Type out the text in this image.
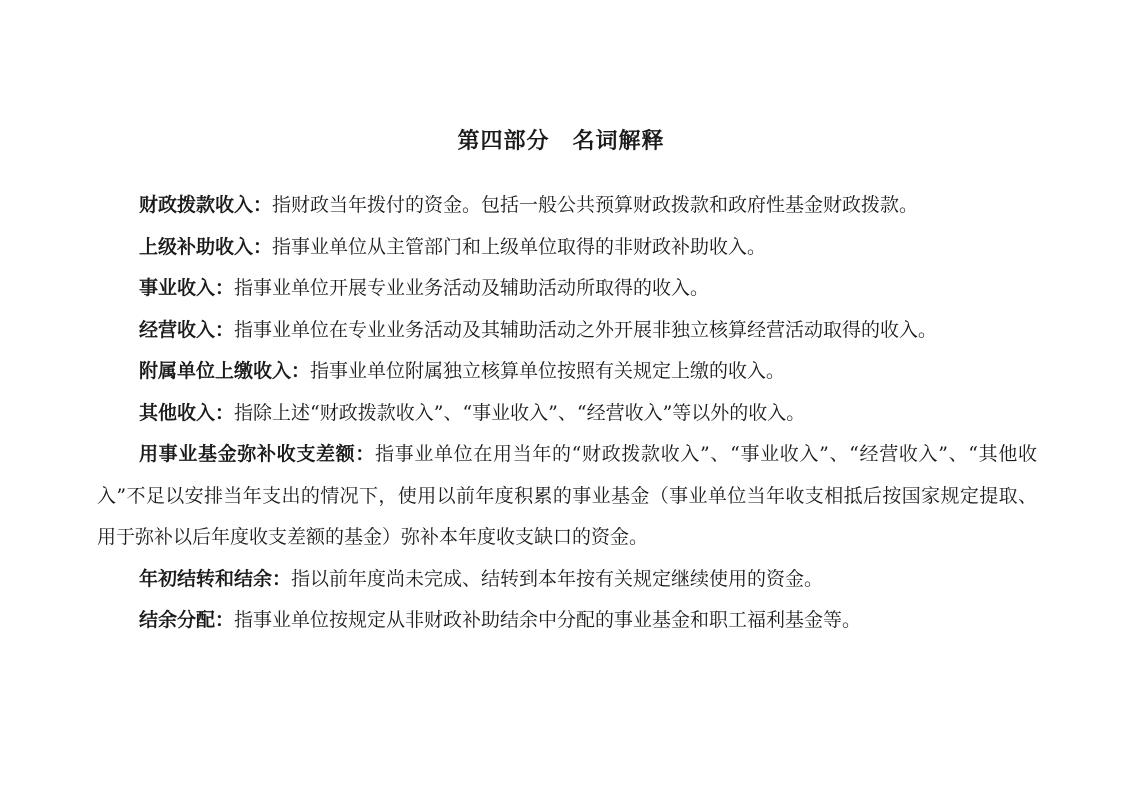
第四部分　名词解释

财政拨款收入：指财政当年拨付的资金。包括一般公共预算财政拨款和政府性基金财政拨款。

上级补助收入：指事业单位从主管部门和上级单位取得的非财政补助收入。

事业收入：指事业单位开展专业业务活动及辅助活动所取得的收入。

经营收入：指事业单位在专业业务活动及其辅助活动之外开展非独立核算经营活动取得的收入。

附属单位上缴收入：指事业单位附属独立核算单位按照有关规定上缴的收入。

其他收入：指除上述“财政拨款收入”、“事业收入”、“经营收入”等以外的收入。

用事业基金弥补收支差额：指事业单位在用当年的“财政拨款收入”、“事业收入”、“经营收入”、“其他收入”不足以安排当年支出的情况下，使用以前年度积累的事业基金（事业单位当年收支相抵后按国家规定提取、用于弥补以后年度收支差额的基金）弥补本年度收支缺口的资金。

年初结转和结余：指以前年度尚未完成、结转到本年按有关规定继续使用的资金。

结余分配：指事业单位按规定从非财政补助结余中分配的事业基金和职工福利基金等。
